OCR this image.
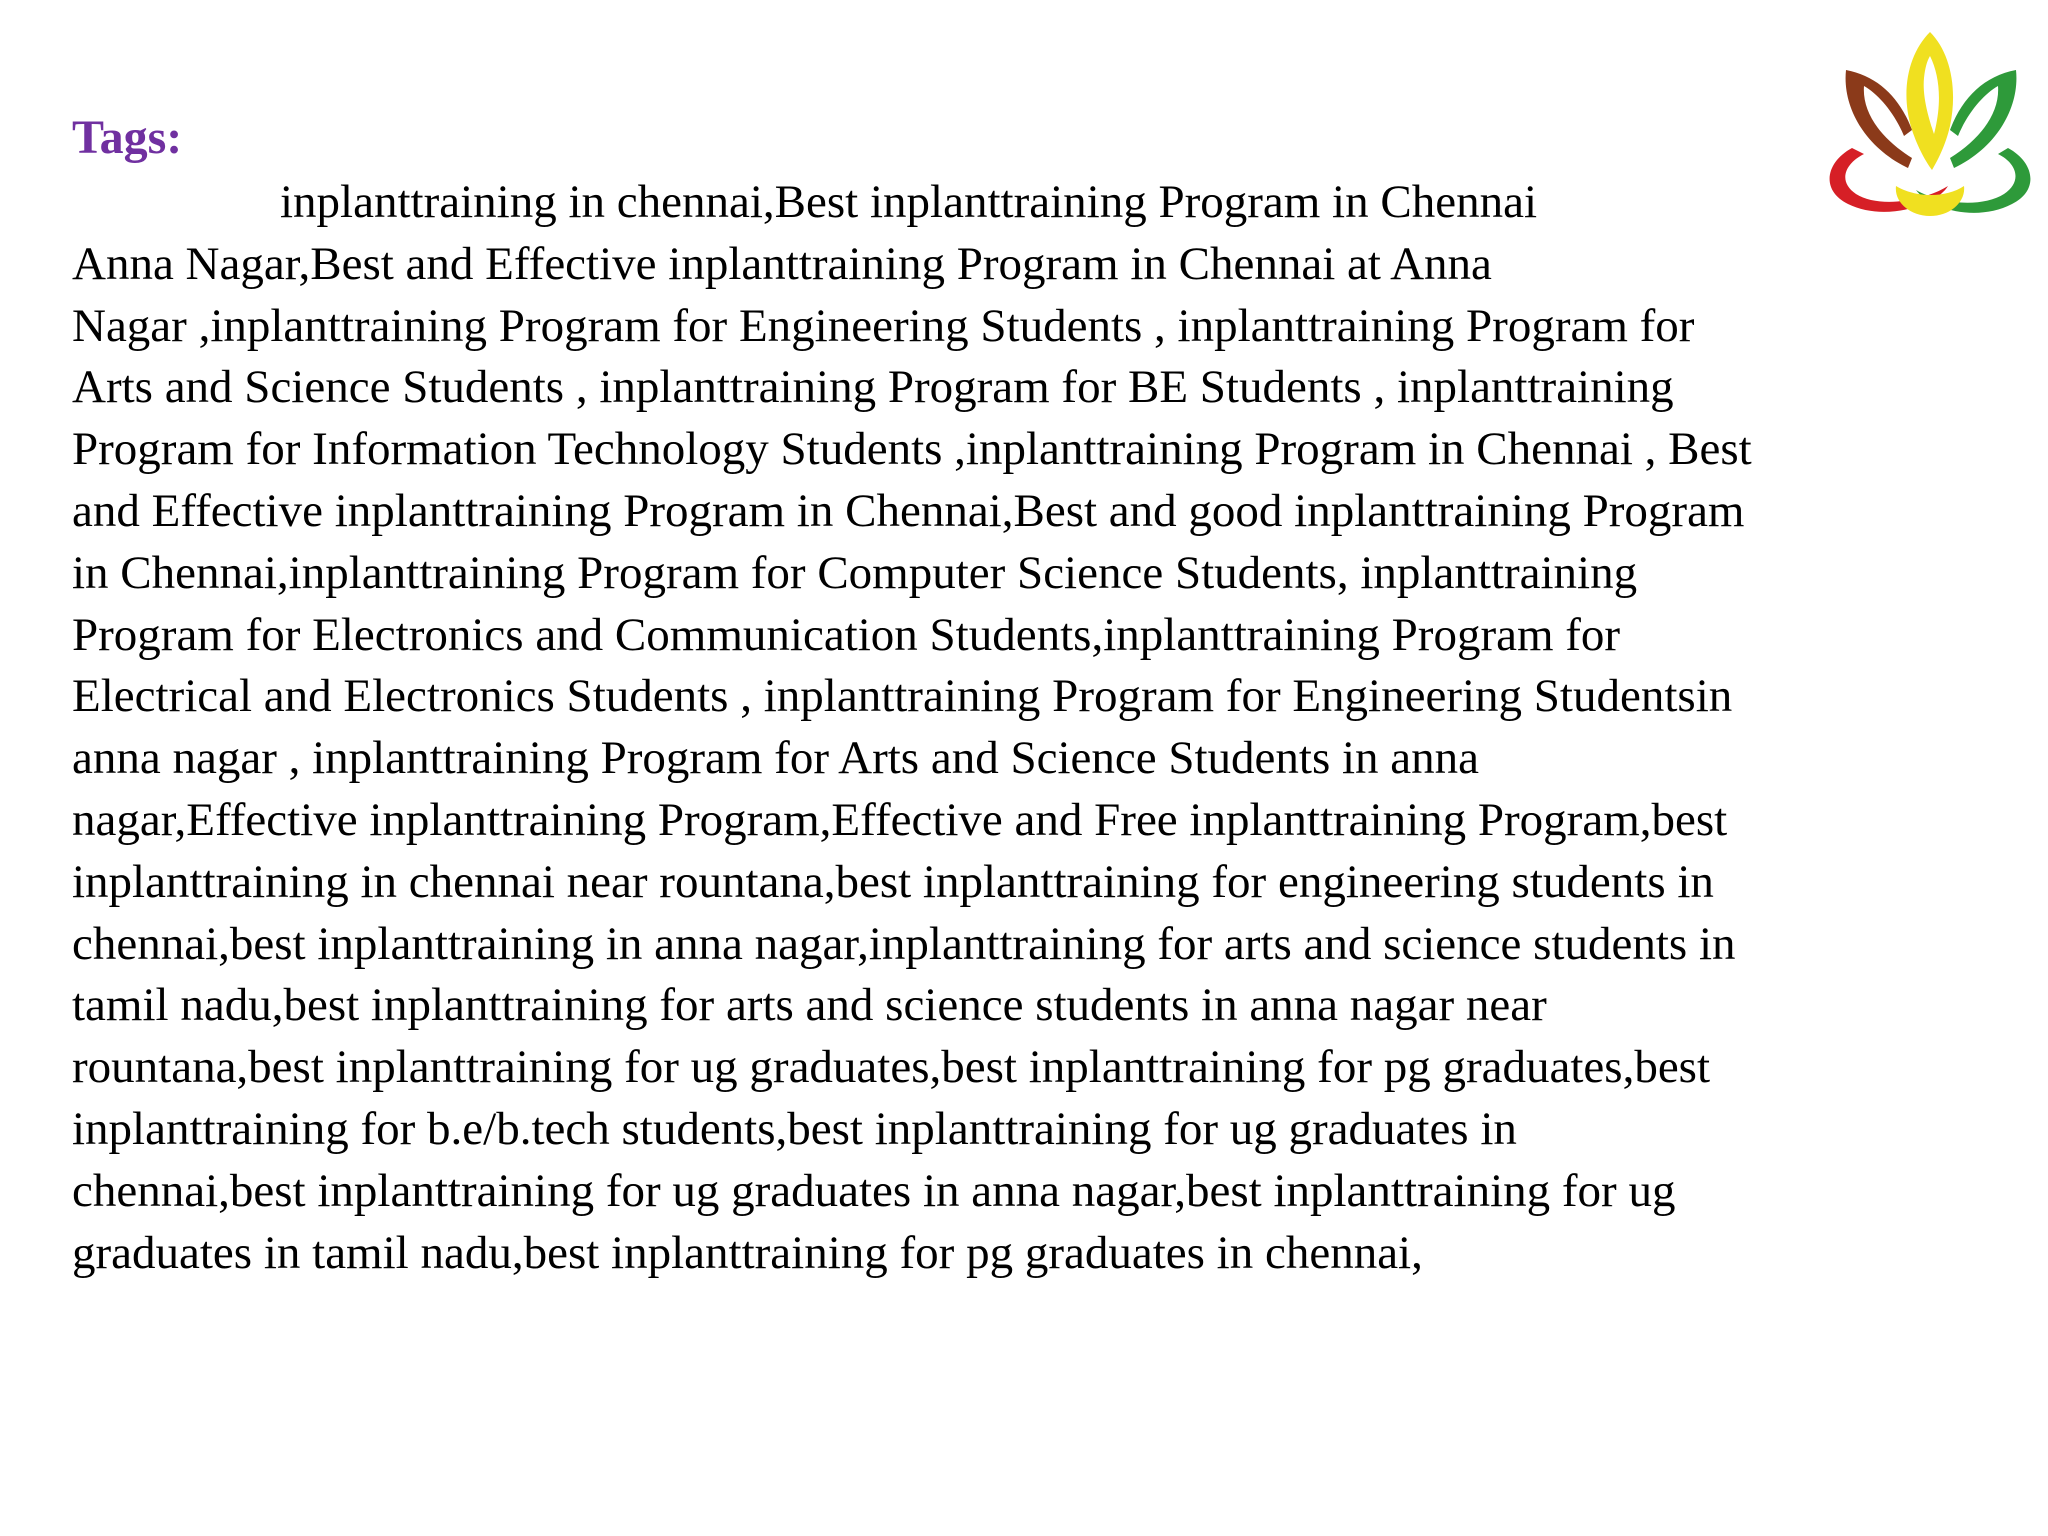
Tags:

inplanttraining in chennai,Best inplanttraining Program in Chennai
Anna Nagar,Best and Effective inplanttraining Program in Chennai at Anna
Nagar ,inplanttraining Program for Engineering Students , inplanttraining Program for
Arts and Science Students , inplanttraining Program for BE Students , inplanttraining
Program for Information Technology Students ,inplanttraining Program in Chennai , Best
and Effective inplanttraining Program in Chennai,Best and good inplanttraining Program
in Chennai,inplanttraining Program for Computer Science Students, inplanttraining
Program for Electronics and Communication Students,inplanttraining Program for
Electrical and Electronics Students , inplanttraining Program for Engineering Studentsin
anna nagar , inplanttraining Program for Arts and Science Students in anna
nagar,Effective inplanttraining Program,Effective and Free inplanttraining Program,best
inplanttraining in chennai near rountana,best inplanttraining for engineering students in
chennai,best inplanttraining in anna nagar,inplanttraining for arts and science students in
tamil nadu,best inplanttraining for arts and science students in anna nagar near
rountana,best inplanttraining for ug graduates,best inplanttraining for pg graduates,best
inplanttraining for b.e/b.tech students,best inplanttraining for ug graduates in
chennai,best inplanttraining for ug graduates in anna nagar,best inplanttraining for ug
graduates in tamil nadu,best inplanttraining for pg graduates in chennai,
